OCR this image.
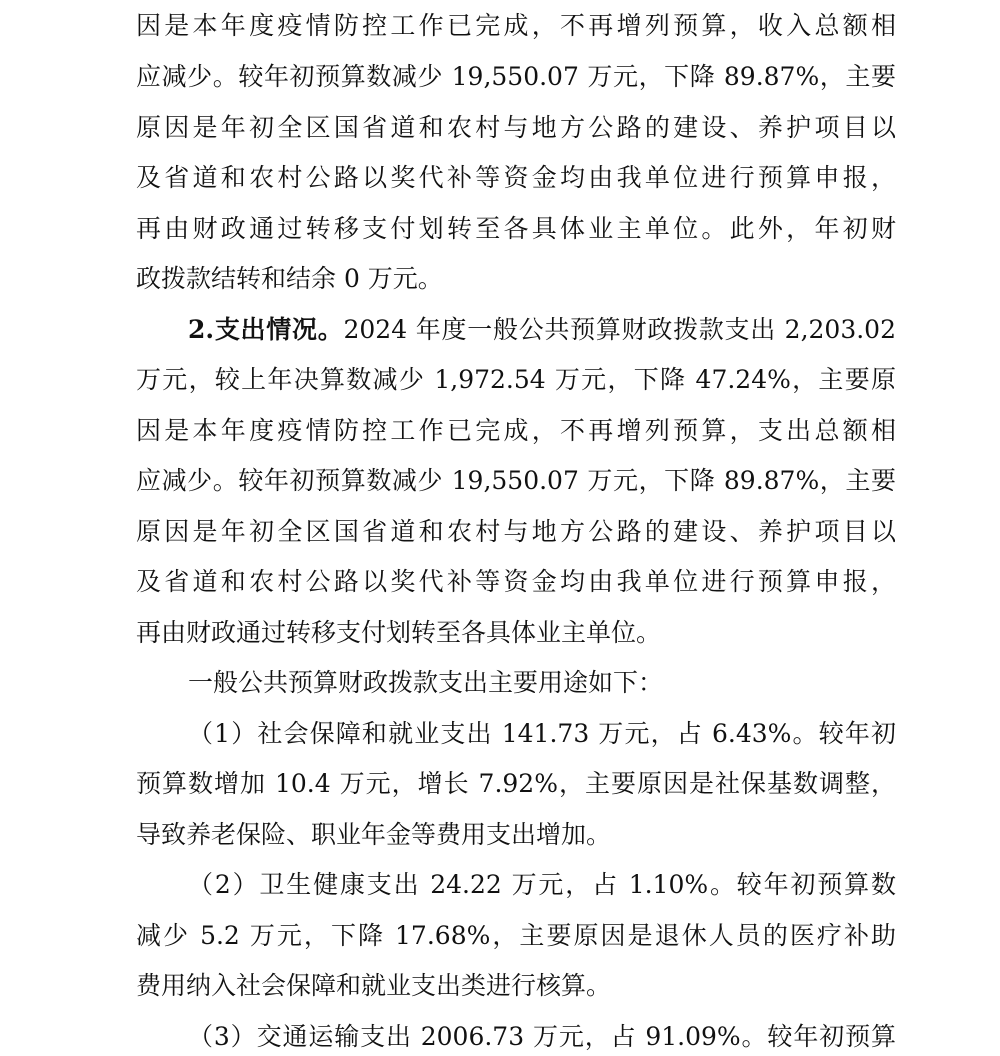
因是本年度疫情防控工作已完成，不再增列预算，收入总额相
应减少。较年初预算数减少 19,550.07 万元，下降 89.87%，主要
原因是年初全区国省道和农村与地方公路的建设、养护项目以
及省道和农村公路以奖代补等资金均由我单位进行预算申报，
再由财政通过转移支付划转至各具体业主单位。此外，年初财
政拨款结转和结余 0 万元。
2.支出情况。2024 年度一般公共预算财政拨款支出 2,203.02
万元，较上年决算数减少 1,972.54 万元，下降 47.24%，主要原
因是本年度疫情防控工作已完成，不再增列预算，支出总额相
应减少。较年初预算数减少 19,550.07 万元，下降 89.87%，主要
原因是年初全区国省道和农村与地方公路的建设、养护项目以
及省道和农村公路以奖代补等资金均由我单位进行预算申报，
再由财政通过转移支付划转至各具体业主单位。
一般公共预算财政拨款支出主要用途如下：
（1）社会保障和就业支出 141.73 万元，占 6.43%。较年初
预算数增加 10.4 万元，增长 7.92%，主要原因是社保基数调整，
导致养老保险、职业年金等费用支出增加。
（2）卫生健康支出 24.22 万元，占 1.10%。较年初预算数
减少 5.2 万元，下降 17.68%，主要原因是退休人员的医疗补助
费用纳入社会保障和就业支出类进行核算。
（3）交通运输支出 2006.73 万元，占 91.09%。较年初预算
